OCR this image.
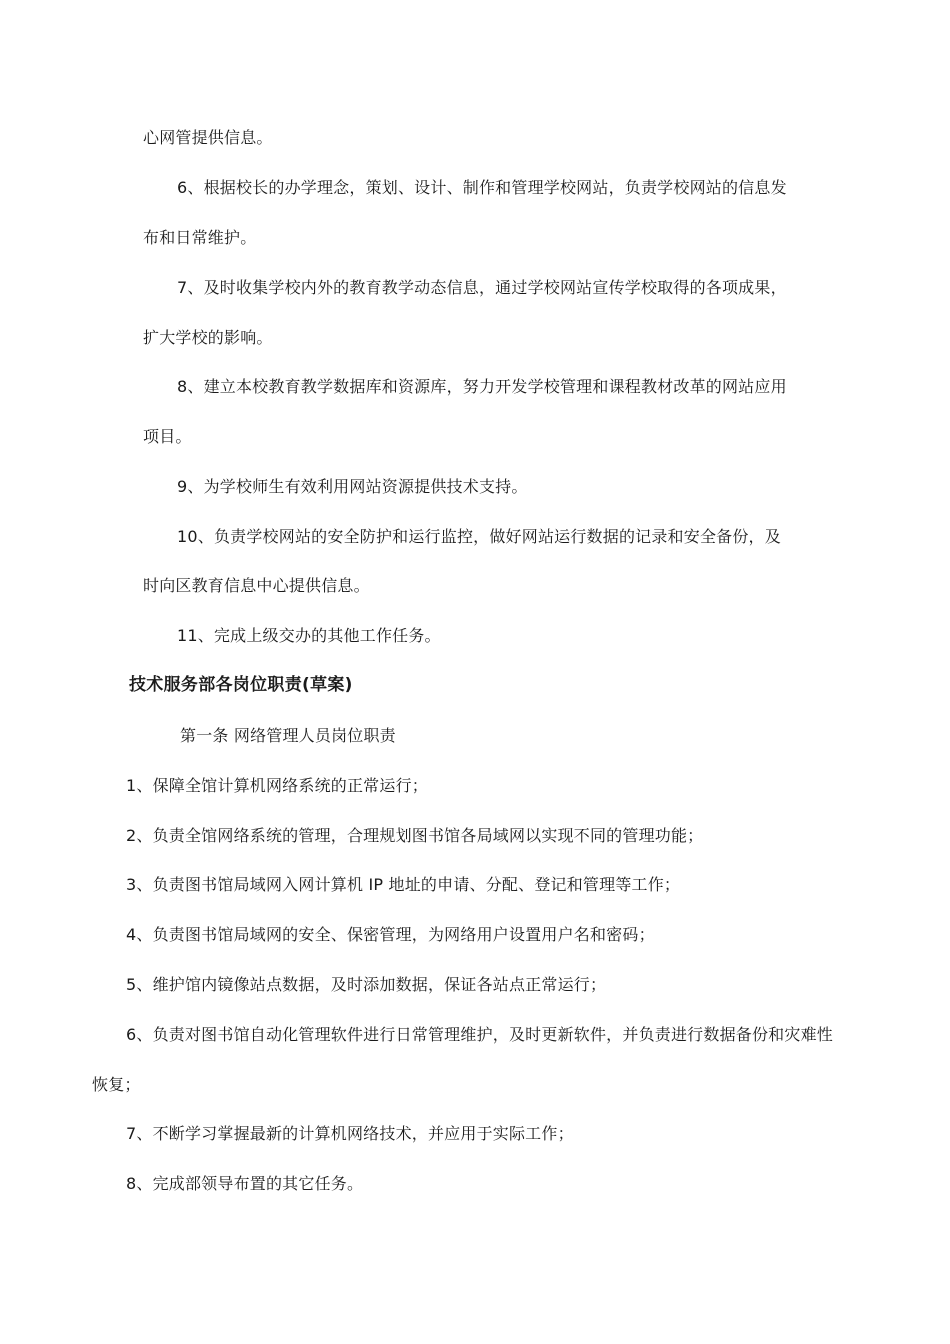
心网管提供信息。
6、根据校长的办学理念，策划、设计、制作和管理学校网站，负责学校网站的信息发
布和日常维护。
7、及时收集学校内外的教育教学动态信息，通过学校网站宣传学校取得的各项成果，
扩大学校的影响。
8、建立本校教育教学数据库和资源库，努力开发学校管理和课程教材改革的网站应用
项目。
9、为学校师生有效利用网站资源提供技术支持。
10、负责学校网站的安全防护和运行监控，做好网站运行数据的记录和安全备份，及
时向区教育信息中心提供信息。
11、完成上级交办的其他工作任务。
技术服务部各岗位职责(草案)
第一条 网络管理人员岗位职责
1、保障全馆计算机网络系统的正常运行；
2、负责全馆网络系统的管理，合理规划图书馆各局域网以实现不同的管理功能；
3、负责图书馆局域网入网计算机 IP 地址的申请、分配、登记和管理等工作；
4、负责图书馆局域网的安全、保密管理，为网络用户设置用户名和密码；
5、维护馆内镜像站点数据，及时添加数据，保证各站点正常运行；
6、负责对图书馆自动化管理软件进行日常管理维护，及时更新软件，并负责进行数据备份和灾难性
恢复；
7、不断学习掌握最新的计算机网络技术，并应用于实际工作；
8、完成部领导布置的其它任务。
